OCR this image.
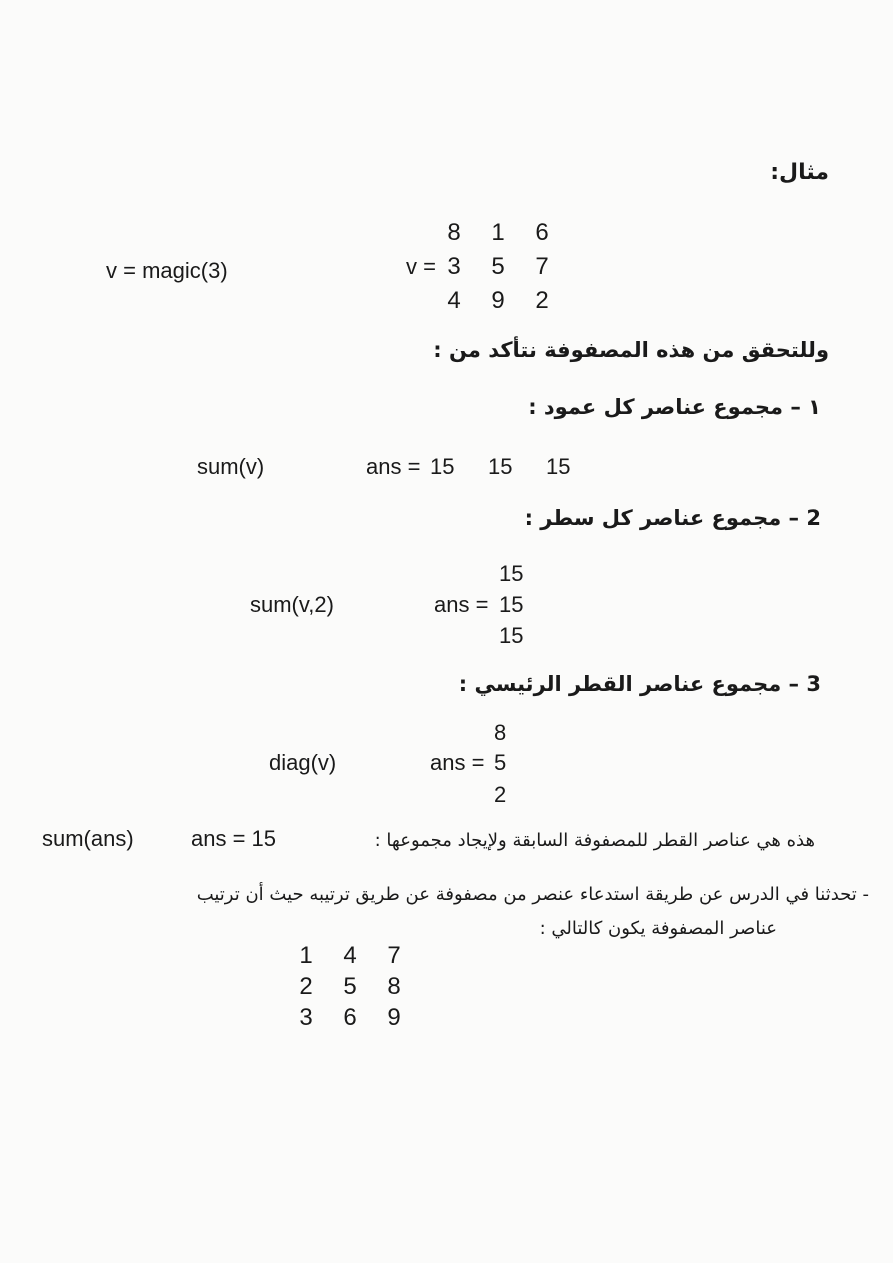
مثال:
v = magic(3)	v =
8	1	6
3	5	7
4	9	2
وللتحقق من هذه المصفوفة نتأكد من :
١ – مجموع عناصر كل عمود :
sum(v)	ans = 15 15 15
2 – مجموع عناصر كل سطر :
sum(v,2)	ans =
15
15
15
3 – مجموع عناصر القطر الرئيسي :
diag(v)	ans =
8
5
2
هذه هي عناصر القطر للمصفوفة السابقة ولإيجاد مجموعها :
ans = 15
sum(ans)
- تحدثنا في الدرس عن طريقة استدعاء عنصر من مصفوفة عن طريق ترتيبه حيث أن ترتيب
عناصر المصفوفة يكون كالتالي :
1	4	7
2	5	8
3	6	9
